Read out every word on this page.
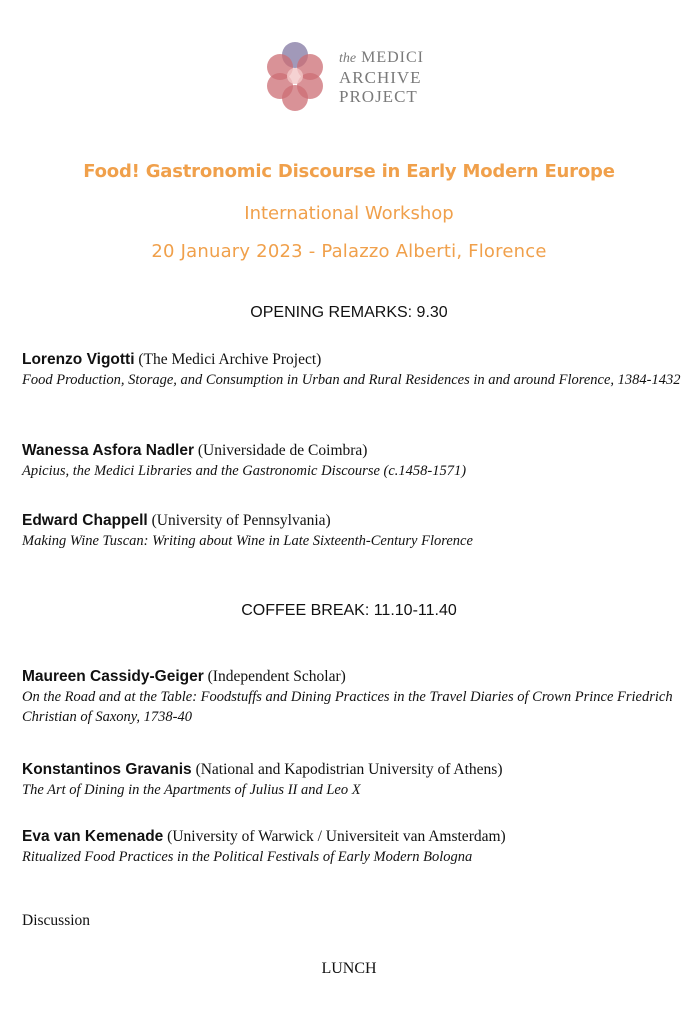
the MEDICI
ARCHIVE
PROJECT
Food! Gastronomic Discourse in Early Modern Europe
International Workshop
20 January 2023 - Palazzo Alberti, Florence
OPENING REMARKS: 9.30
Lorenzo Vigotti (The Medici Archive Project)
Food Production, Storage, and Consumption in Urban and Rural Residences in and around Florence, 1384-1432
Wanessa Asfora Nadler (Universidade de Coimbra)
Apicius, the Medici Libraries and the Gastronomic Discourse (c.1458-1571)
Edward Chappell (University of Pennsylvania)
Making Wine Tuscan: Writing about Wine in Late Sixteenth-Century Florence
COFFEE BREAK: 11.10-11.40
Maureen Cassidy-Geiger (Independent Scholar)
On the Road and at the Table: Foodstuffs and Dining Practices in the Travel Diaries of Crown Prince Friedrich Christian of Saxony, 1738-40
Konstantinos Gravanis (National and Kapodistrian University of Athens)
The Art of Dining in the Apartments of Julius II and Leo X
Eva van Kemenade (University of Warwick / Universiteit van Amsterdam)
Ritualized Food Practices in the Political Festivals of Early Modern Bologna
Discussion
LUNCH
